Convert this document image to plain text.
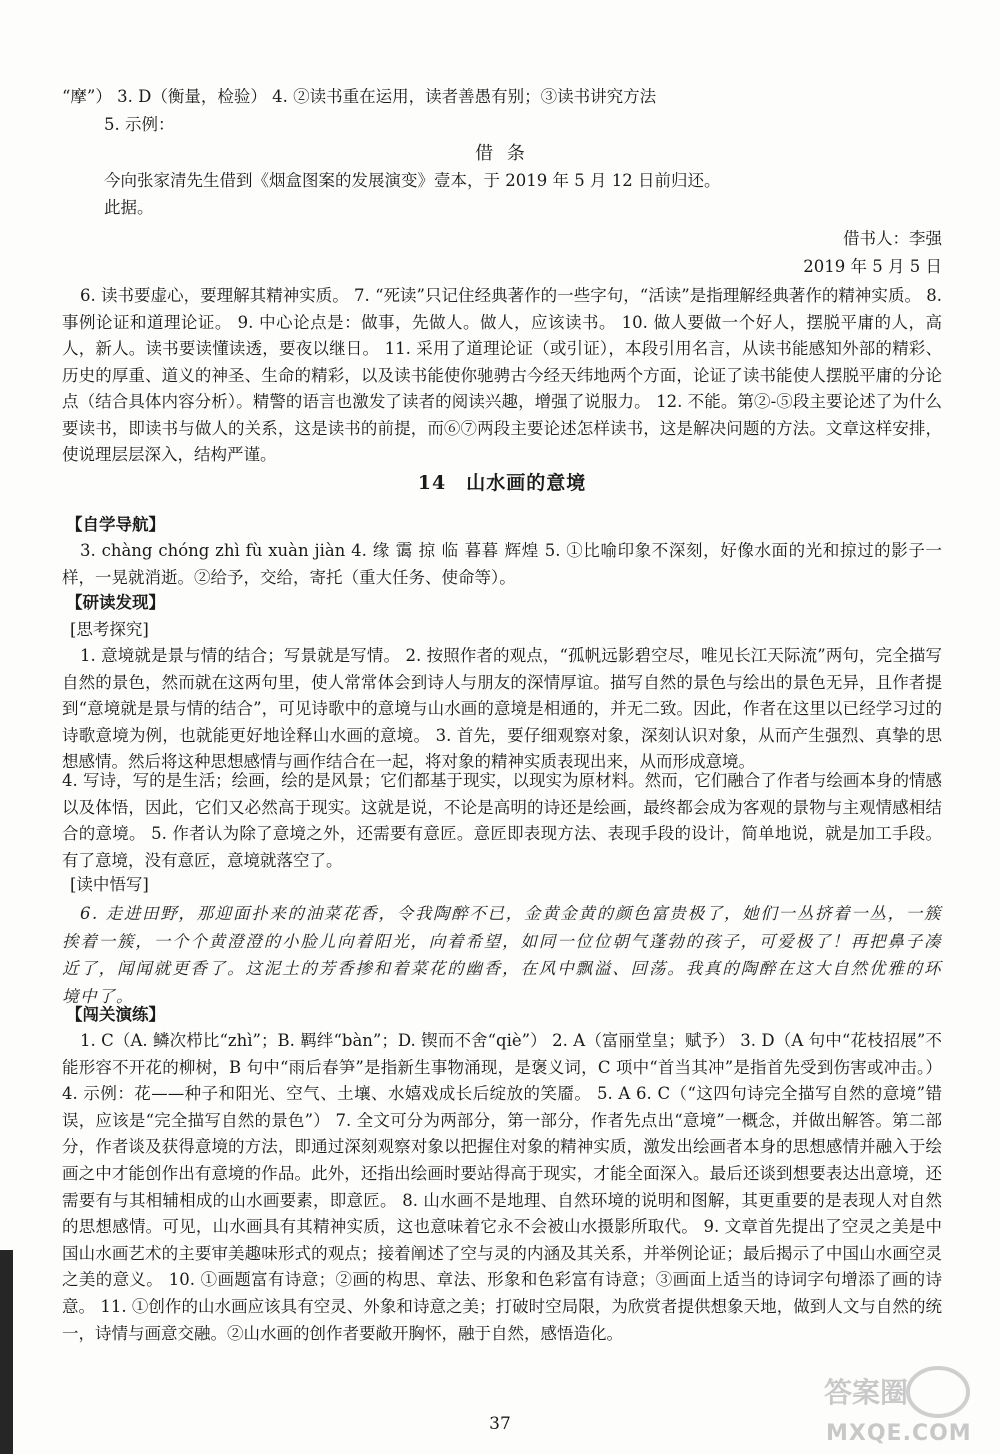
“摩”） 3. D（衡量，检验） 4. ②读书重在运用，读者善愚有别；③读书讲究方法
5. 示例：
借 条
今向张家清先生借到《烟盒图案的发展演变》壹本，于 2019 年 5 月 12 日前归还。
此据。
借书人：李强
2019 年 5 月 5 日
6. 读书要虚心，要理解其精神实质。 7. “死读”只记住经典著作的一些字句，“活读”是指理解经典著作的精神实质。 8. 事例论证和道理论证。 9. 中心论点是：做事，先做人。做人，应该读书。 10. 做人要做一个好人，摆脱平庸的人，高人，新人。读书要读懂读透，要夜以继日。 11. 采用了道理论证（或引证），本段引用名言，从读书能感知外部的精彩、历史的厚重、道义的神圣、生命的精彩，以及读书能使你驰骋古今经天纬地两个方面，论证了读书能使人摆脱平庸的分论点（结合具体内容分析）。精警的语言也激发了读者的阅读兴趣，增强了说服力。 12. 不能。第②-⑤段主要论述了为什么要读书，即读书与做人的关系，这是读书的前提，而⑥⑦两段主要论述怎样读书，这是解决问题的方法。文章这样安排，使说理层层深入，结构严谨。
14　山水画的意境
【自学导航】
3. chàng chóng zhì fù xuàn jiàn 4. 缘 霭 掠 临 暮暮 辉煌 5. ①比喻印象不深刻，好像水面的光和掠过的影子一样，一晃就消逝。②给予，交给，寄托（重大任务、使命等）。
【研读发现】
[思考探究]
1. 意境就是景与情的结合；写景就是写情。 2. 按照作者的观点，“孤帆远影碧空尽，唯见长江天际流”两句，完全描写自然的景色，然而就在这两句里，使人常常体会到诗人与朋友的深情厚谊。描写自然的景色与绘出的景色无异，且作者提到“意境就是景与情的结合”，可见诗歌中的意境与山水画的意境是相通的，并无二致。因此，作者在这里以已经学习过的诗歌意境为例，也就能更好地诠释山水画的意境。 3. 首先，要仔细观察对象，深刻认识对象，从而产生强烈、真挚的思想感情。然后将这种思想感情与画作结合在一起，将对象的精神实质表现出来，从而形成意境。
4. 写诗，写的是生活；绘画，绘的是风景；它们都基于现实，以现实为原材料。然而，它们融合了作者与绘画本身的情感以及体悟，因此，它们又必然高于现实。这就是说，不论是高明的诗还是绘画，最终都会成为客观的景物与主观情感相结合的意境。 5. 作者认为除了意境之外，还需要有意匠。意匠即表现方法、表现手段的设计，简单地说，就是加工手段。有了意境，没有意匠，意境就落空了。
[读中悟写]
6. 走进田野，那迎面扑来的油菜花香，令我陶醉不已，金黄金黄的颜色富贵极了，她们一丛挤着一丛，一簇挨着一簇，一个个黄澄澄的小脸儿向着阳光，向着希望，如同一位位朝气蓬勃的孩子，可爱极了！再把鼻子凑近了，闻闻就更香了。这泥土的芳香掺和着菜花的幽香，在风中飘溢、回荡。我真的陶醉在这大自然优雅的环境中了。
【闯关演练】
1. C（A. 鳞次栉比“zhì”；B. 羁绊“bàn”；D. 锲而不舍“qiè”） 2. A（富丽堂皇；赋予） 3. D（A 句中“花枝招展”不能形容不开花的柳树，B 句中“雨后春笋”是指新生事物涌现，是褒义词，C 项中“首当其冲”是指首先受到伤害或冲击。） 4. 示例：花——种子和阳光、空气、土壤、水嬉戏成长后绽放的笑靥。 5. A 6. C（“这四句诗完全描写自然的意境”错误，应该是“完全描写自然的景色”） 7. 全文可分为两部分，第一部分，作者先点出“意境”一概念，并做出解答。第二部分，作者谈及获得意境的方法，即通过深刻观察对象以把握住对象的精神实质，激发出绘画者本身的思想感情并融入于绘画之中才能创作出有意境的作品。此外，还指出绘画时要站得高于现实，才能全面深入。最后还谈到想要表达出意境，还需要有与其相辅相成的山水画要素，即意匠。 8. 山水画不是地理、自然环境的说明和图解，其更重要的是表现人对自然的思想感情。可见，山水画具有其精神实质，这也意味着它永不会被山水摄影所取代。 9. 文章首先提出了空灵之美是中国山水画艺术的主要审美趣味形式的观点；接着阐述了空与灵的内涵及其关系，并举例论证；最后揭示了中国山水画空灵之美的意义。 10. ①画题富有诗意；②画的构思、章法、形象和色彩富有诗意；③画面上适当的诗词字句增添了画的诗意。 11. ①创作的山水画应该具有空灵、外象和诗意之美；打破时空局限，为欣赏者提供想象天地，做到人文与自然的统一，诗情与画意交融。②山水画的创作者要敞开胸怀，融于自然，感悟造化。
37
答案圈
MXQE.COM
